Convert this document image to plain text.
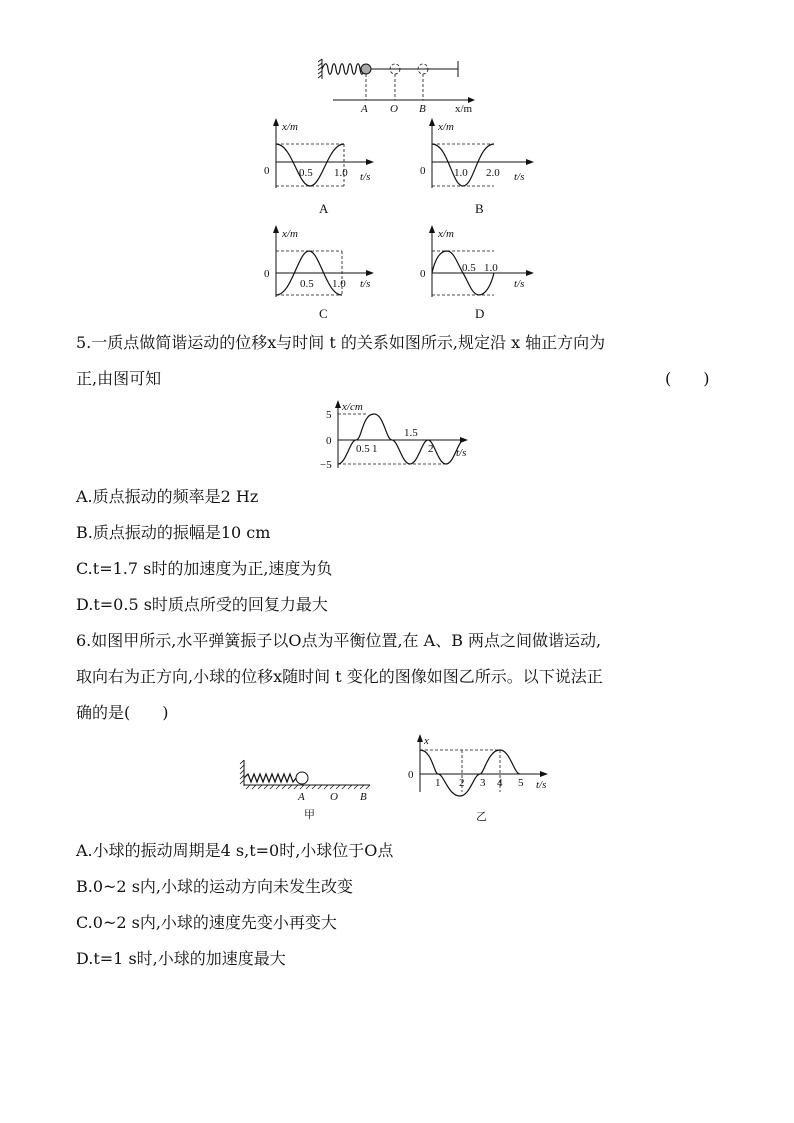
A O B	x/m
x/m
0	0.5 1.0 t/s
A
x/m
0	1.0 2.0 t/s
B
x/m
0
0.5 1.0 t/s
C
x/m
0	0.5 1.0
t/s
D
5.一质点做简谐运动的位移x与时间 t 的关系如图所示,规定沿 x 轴正方向为
正,由图可知	(　　)
x/cm
5
0
−5
0.5 1
1.5
2 t/s
A.质点振动的频率是2 Hz
B.质点振动的振幅是10 cm
C.t=1.7 s时的加速度为正,速度为负
D.t=0.5 s时质点所受的回复力最大
6.如图甲所示,水平弹簧振子以O点为平衡位置,在 A、B 两点之间做谐运动,
取向右为正方向,小球的位移x随时间 t 变化的图像如图乙所示。以下说法正
确的是(　　)
A O B
甲
x
0
1 2 3 4 5 t/s
乙
A.小球的振动周期是4 s,t=0时,小球位于O点
B.0~2 s内,小球的运动方向未发生改变
C.0~2 s内,小球的速度先变小再变大
D.t=1 s时,小球的加速度最大
